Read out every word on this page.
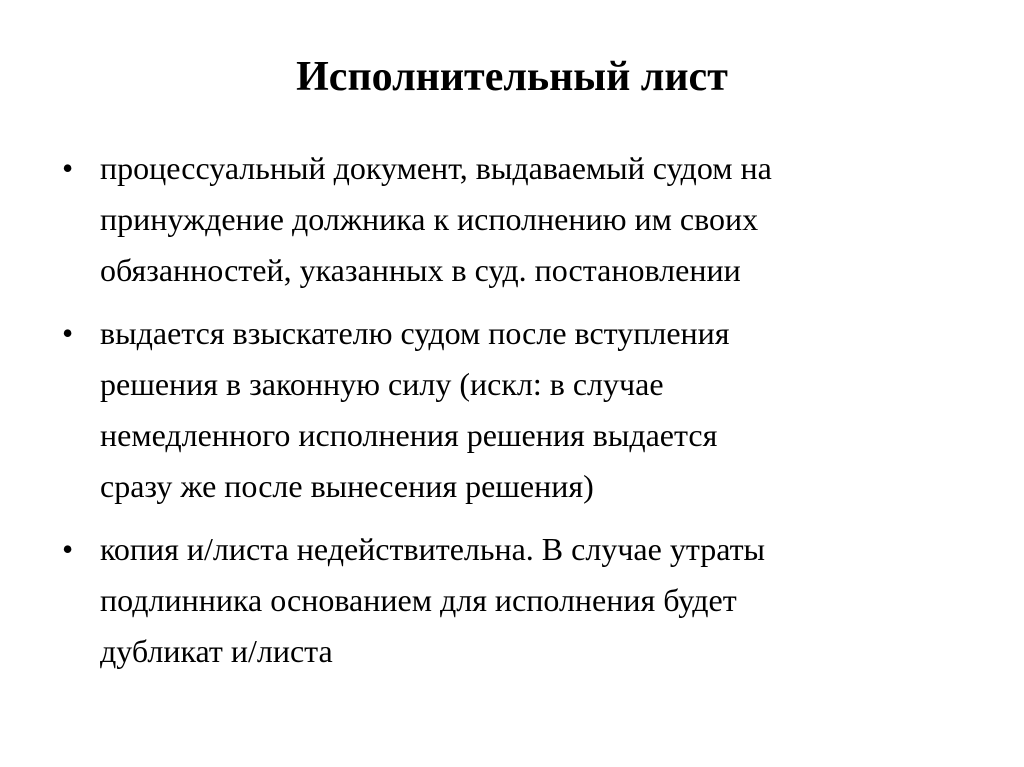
Исполнительный лист
• процессуальный документ, выдаваемый судом на
принуждение должника к исполнению им своих
обязанностей, указанных в суд. постановлении
• выдается взыскателю судом после вступления
решения в законную силу (искл: в случае
немедленного исполнения решения выдается
сразу же после вынесения решения)
• копия и/листа недействительна. В случае утраты
подлинника основанием для исполнения будет
дубликат и/листа
